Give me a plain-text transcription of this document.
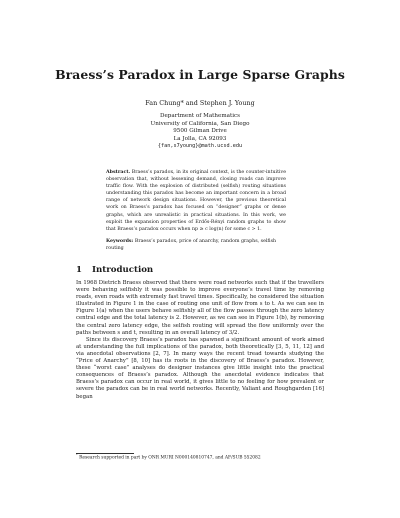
Braess’s Paradox in Large Sparse Graphs
Fan Chung* and Stephen J. Young
Department of Mathematics
University of California, San Diego
9500 Gilman Drive
La Jolla, CA 92093
{fan,s7young}@math.ucsd.edu
Abstract. Braess’s paradox, in its original context, is the counter-intuitive observation that, without lessening demand, closing roads can improve traffic flow. With the explosion of distributed (selfish) routing situations understanding this paradox has become an important concern in a broad range of network design situations. However, the previous theoretical work on Braess’s paradox has focused on “designer” graphs or dense graphs, which are unrealistic in practical situations. In this work, we exploit the expansion properties of Erdős-Rényi random graphs to show that Braess’s paradox occurs when np ≥ c log(n) for some c > 1.
Keywords: Braess’s paradox, price of anarchy, random graphs, selfish routing
1 Introduction

In 1968 Dietrich Braess observed that there were road networks such that if the travellers were behaving selfishly it was possible to improve everyone’s travel time by removing roads, even roads with extremely fast travel times. Specifically, he considered the situation illustrated in Figure 1 in the case of routing one unit of flow from s to t. As we can see in Figure 1(a) when the users behave selfishly all of the flow passes through the zero latency central edge and the total latency is 2. However, as we can see in Figure 1(b), by removing the central zero latency edge, the selfish routing will spread the flow uniformly over the paths between s and t, resulting in an overall latency of 3/2.

Since its discovery Braess’s paradox has spawned a significant amount of work aimed at understanding the full implications of the paradox, both theoretically [3, 5, 11, 12] and via anecdotal observations [2, 7]. In many ways the recent tread towards studying the “Price of Anarchy” [8, 10] has its roots in the discovery of Braess’s paradox. However, these “worst case” analyses do designer instances give little insight into the practical consequences of Braess’s paradox. Although the anecdotal evidence indicates that Braess’s paradox can occur in real world, it gives little to no feeling for how prevalent or severe the paradox can be in real world networks. Recently, Valiant and Roughgarden [16] began

* Research supported in part by ONR MURI N000140810747, and AF/SUB 552082
